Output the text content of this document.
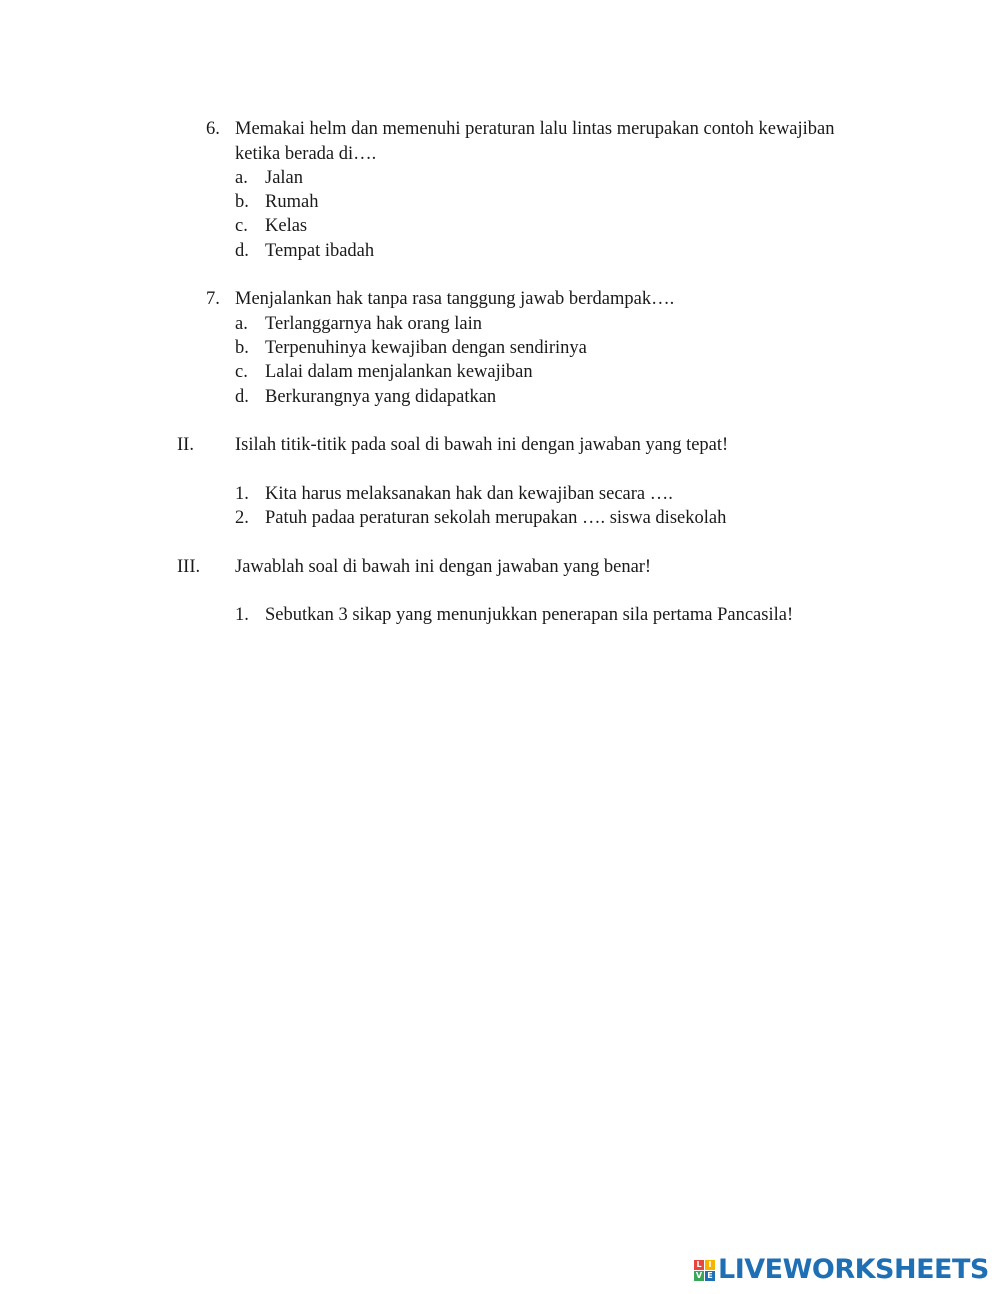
6. Memakai helm dan memenuhi peraturan lalu lintas merupakan contoh kewajiban
ketika berada di….
a. Jalan
b. Rumah
c. Kelas
d. Tempat ibadah
7. Menjalankan hak tanpa rasa tanggung jawab berdampak….
a. Terlanggarnya hak orang lain
b. Terpenuhinya kewajiban dengan sendirinya
c. Lalai dalam menjalankan kewajiban
d. Berkurangnya yang didapatkan
II. Isilah titik-titik pada soal di bawah ini dengan jawaban yang tepat!
1. Kita harus melaksanakan hak dan kewajiban secara ….
2. Patuh padaa peraturan sekolah merupakan …. siswa disekolah
III. Jawablah soal di bawah ini dengan jawaban yang benar!
1. Sebutkan 3 sikap yang menunjukkan penerapan sila pertama Pancasila!
L I
V E LIVEWORKSHEETS
